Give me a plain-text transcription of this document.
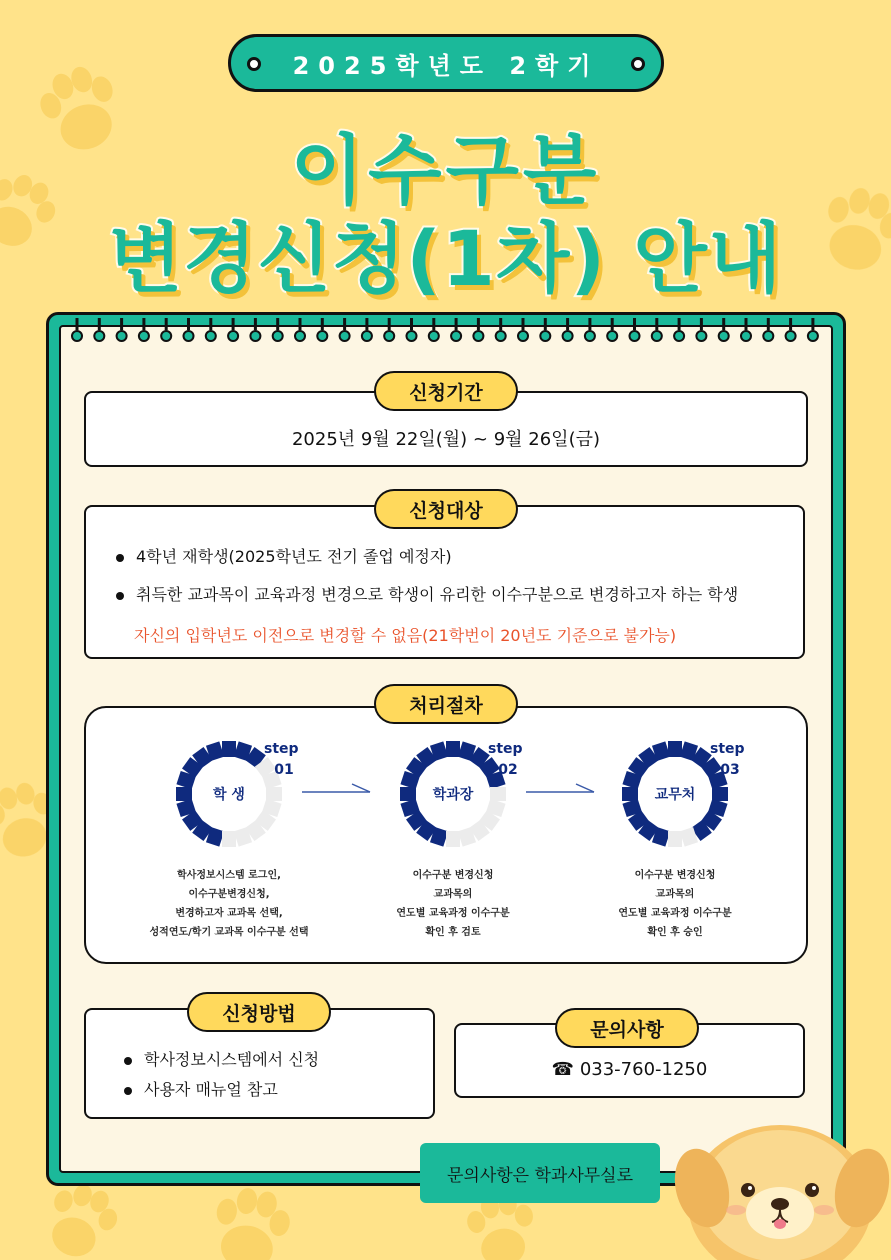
2025학년도 2학기
이수구분
변경신청(1차) 안내
2025년 9월 22일(월) ~ 9월 26일(금)
신청기간
4학년 재학생(2025학년도 전기 졸업 예정자)
취득한 교과목이 교육과정 변경으로 학생이 유리한 이수구분으로 변경하고자 하는 학생
자신의 입학년도 이전으로 변경할 수 없음(21학번이 20년도 기준으로 불가능)
신청대상
처리절차
step
01
학 생
학사정보시스템 로그인,
이수구분변경신청,
변경하고자 교과목 선택,
성적연도/학기 교과목 이수구분 선택
step
02
학과장
이수구분 변경신청
교과목의
연도별 교육과정 이수구분
확인 후 검토
step
03
교무처
이수구분 변경신청
교과목의
연도별 교육과정 이수구분
확인 후 승인
학사정보시스템에서 신청
사용자 매뉴얼 참고
신청방법
☎ 033-760-1250
문의사항
문의사항은 학과사무실로
